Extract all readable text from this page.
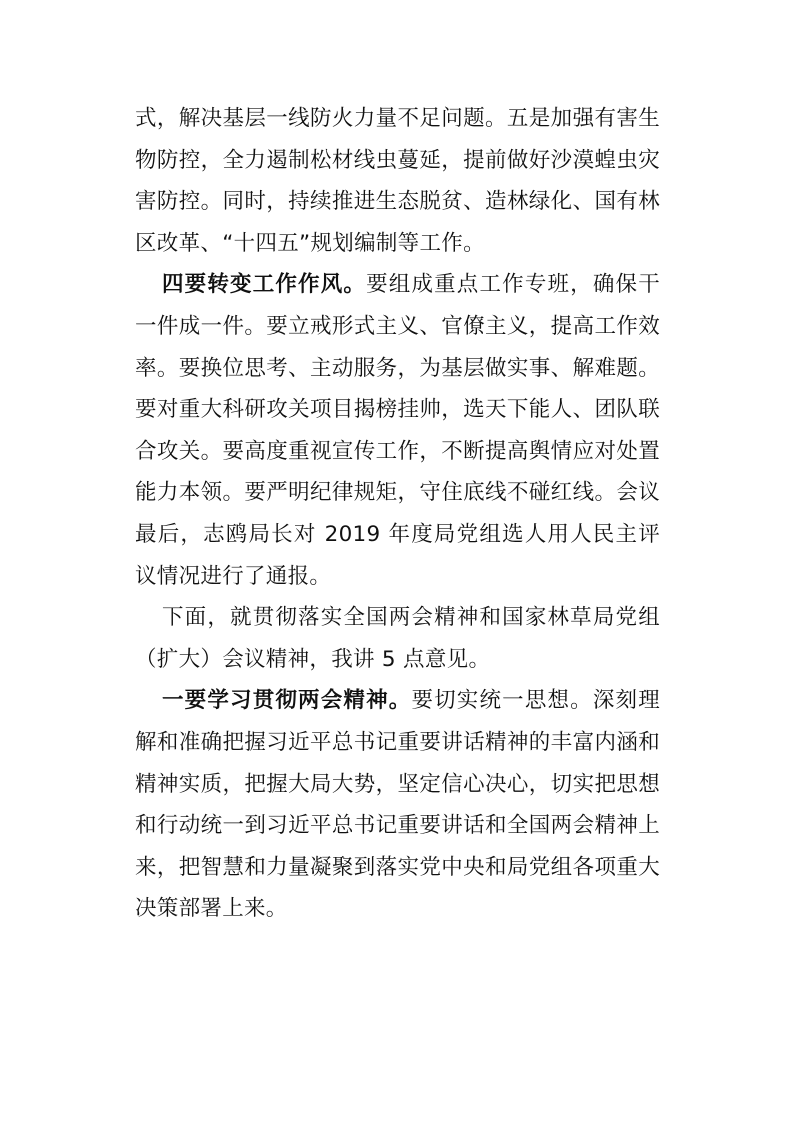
式，解决基层一线防火力量不足问题。五是加强有害生物防控，全力遏制松材线虫蔓延，提前做好沙漠蝗虫灾害防控。同时，持续推进生态脱贫、造林绿化、国有林区改革、“十四五”规划编制等工作。

四要转变工作作风。要组成重点工作专班，确保干一件成一件。要立戒形式主义、官僚主义，提高工作效率。要换位思考、主动服务，为基层做实事、解难题。要对重大科研攻关项目揭榜挂帅，选天下能人、团队联合攻关。要高度重视宣传工作，不断提高舆情应对处置能力本领。要严明纪律规矩，守住底线不碰红线。会议最后，志鸥局长对 2019 年度局党组选人用人民主评议情况进行了通报。

下面，就贯彻落实全国两会精神和国家林草局党组（扩大）会议精神，我讲 5 点意见。

一要学习贯彻两会精神。要切实统一思想。深刻理解和准确把握习近平总书记重要讲话精神的丰富内涵和精神实质，把握大局大势，坚定信心决心，切实把思想和行动统一到习近平总书记重要讲话和全国两会精神上来，把智慧和力量凝聚到落实党中央和局党组各项重大决策部署上来。
